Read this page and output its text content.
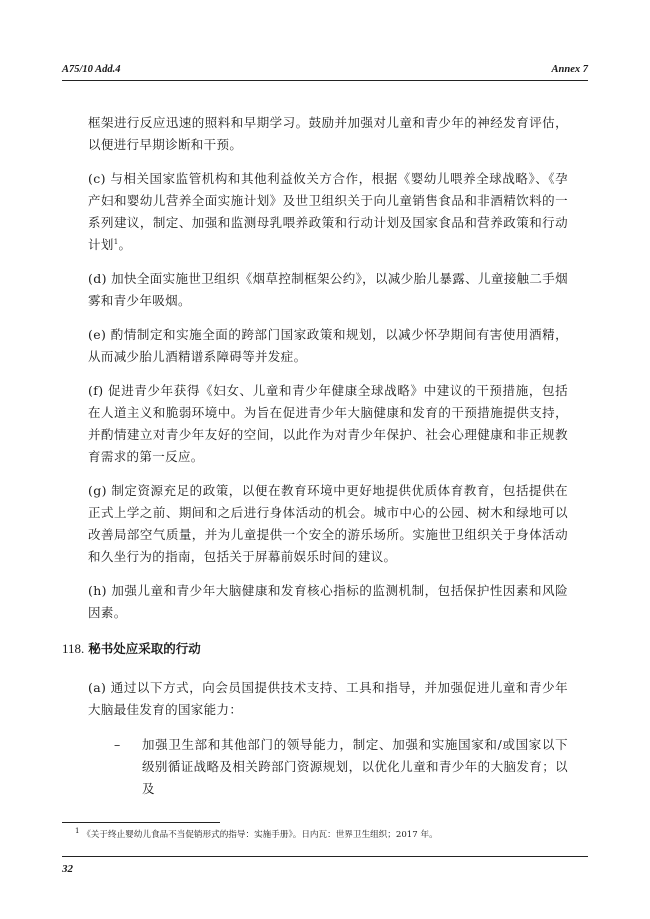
A75/10 Add.4	Annex 7

框架进行反应迅速的照料和早期学习。鼓励并加强对儿童和青少年的神经发育评估，以便进行早期诊断和干预。

(c) 与相关国家监管机构和其他利益攸关方合作，根据《婴幼儿喂养全球战略》、《孕产妇和婴幼儿营养全面实施计划》及世卫组织关于向儿童销售食品和非酒精饮料的一系列建议，制定、加强和监测母乳喂养政策和行动计划及国家食品和营养政策和行动计划$^1$。

(d) 加快全面实施世卫组织《烟草控制框架公约》，以减少胎儿暴露、儿童接触二手烟雾和青少年吸烟。

(e) 酌情制定和实施全面的跨部门国家政策和规划，以减少怀孕期间有害使用酒精，从而减少胎儿酒精谱系障碍等并发症。

(f) 促进青少年获得《妇女、儿童和青少年健康全球战略》中建议的干预措施，包括在人道主义和脆弱环境中。为旨在促进青少年大脑健康和发育的干预措施提供支持，并酌情建立对青少年友好的空间，以此作为对青少年保护、社会心理健康和非正规教育需求的第一反应。

(g) 制定资源充足的政策，以便在教育环境中更好地提供优质体育教育，包括提供在正式上学之前、期间和之后进行身体活动的机会。城市中心的公园、树木和绿地可以改善局部空气质量，并为儿童提供一个安全的游乐场所。实施世卫组织关于身体活动和久坐行为的指南，包括关于屏幕前娱乐时间的建议。

(h) 加强儿童和青少年大脑健康和发育核心指标的监测机制，包括保护性因素和风险因素。

118. 秘书处应采取的行动
(a) 通过以下方式，向会员国提供技术支持、工具和指导，并加强促进儿童和青少年大脑最佳发育的国家能力：
– 加强卫生部和其他部门的领导能力，制定、加强和实施国家和/或国家以下级别循证战略及相关跨部门资源规划，以优化儿童和青少年的大脑发育；以及
$^1$ 《关于终止婴幼儿食品不当促销形式的指导：实施手册》。日内瓦：世界卫生组织；2017 年。
32
